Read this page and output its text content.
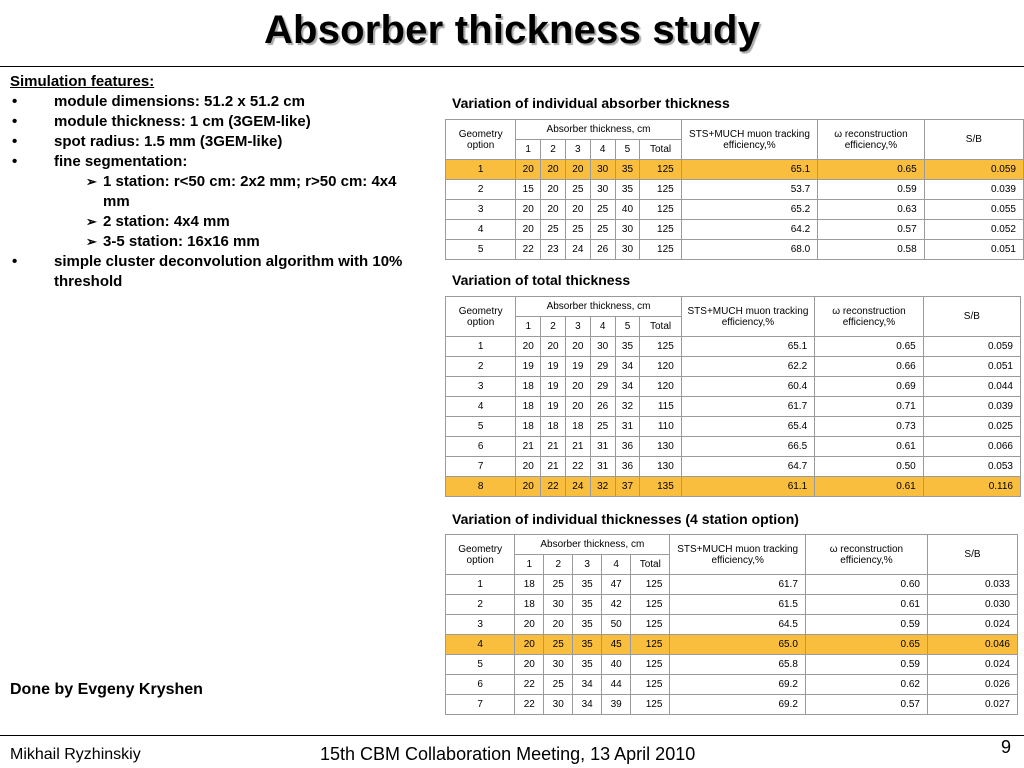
Absorber thickness study
Simulation features:
• module dimensions: 51.2 x 51.2 cm
• module thickness: 1 cm (3GEM-like)
• spot radius: 1.5 mm (3GEM-like)
• fine segmentation:
➢ 1 station: r<50 cm: 2x2 mm; r>50 cm: 4x4 mm
➢ 2 station: 4x4 mm
➢ 3-5 station: 16x16 mm
• simple cluster deconvolution algorithm with 10% threshold
Done by Evgeny Kryshen
Variation of individual absorber thickness
Geometry option	Absorber thickness, cm						STS+MUCH muon tracking efficiency,%	ω reconstruction efficiency,%	S/B
	1	2	3	4	5	Total			
1	20	20	20	30	35	125	65.1	0.65	0.059
2	15	20	25	30	35	125	53.7	0.59	0.039
3	20	20	20	25	40	125	65.2	0.63	0.055
4	20	25	25	25	30	125	64.2	0.57	0.052
5	22	23	24	26	30	125	68.0	0.58	0.051
Variation of total thickness
Geometry option	Absorber thickness, cm						STS+MUCH muon tracking efficiency,%	ω reconstruction efficiency,%	S/B
	1	2	3	4	5	Total			
1	20	20	20	30	35	125	65.1	0.65	0.059
2	19	19	19	29	34	120	62.2	0.66	0.051
3	18	19	20	29	34	120	60.4	0.69	0.044
4	18	19	20	26	32	115	61.7	0.71	0.039
5	18	18	18	25	31	110	65.4	0.73	0.025
6	21	21	21	31	36	130	66.5	0.61	0.066
7	20	21	22	31	36	130	64.7	0.50	0.053
8	20	22	24	32	37	135	61.1	0.61	0.116
Variation of individual thicknesses (4 station option)
Geometry option	Absorber thickness, cm					STS+MUCH muon tracking efficiency,%	ω reconstruction efficiency,%	S/B
	1	2	3	4	Total			
1	18	25	35	47	125	61.7	0.60	0.033
2	18	30	35	42	125	61.5	0.61	0.030
3	20	20	35	50	125	64.5	0.59	0.024
4	20	25	35	45	125	65.0	0.65	0.046
5	20	30	35	40	125	65.8	0.59	0.024
6	22	25	34	44	125	69.2	0.62	0.026
7	22	30	34	39	125	69.2	0.57	0.027
Mikhail Ryzhinskiy	15th CBM Collaboration Meeting, 13 April 2010	9
